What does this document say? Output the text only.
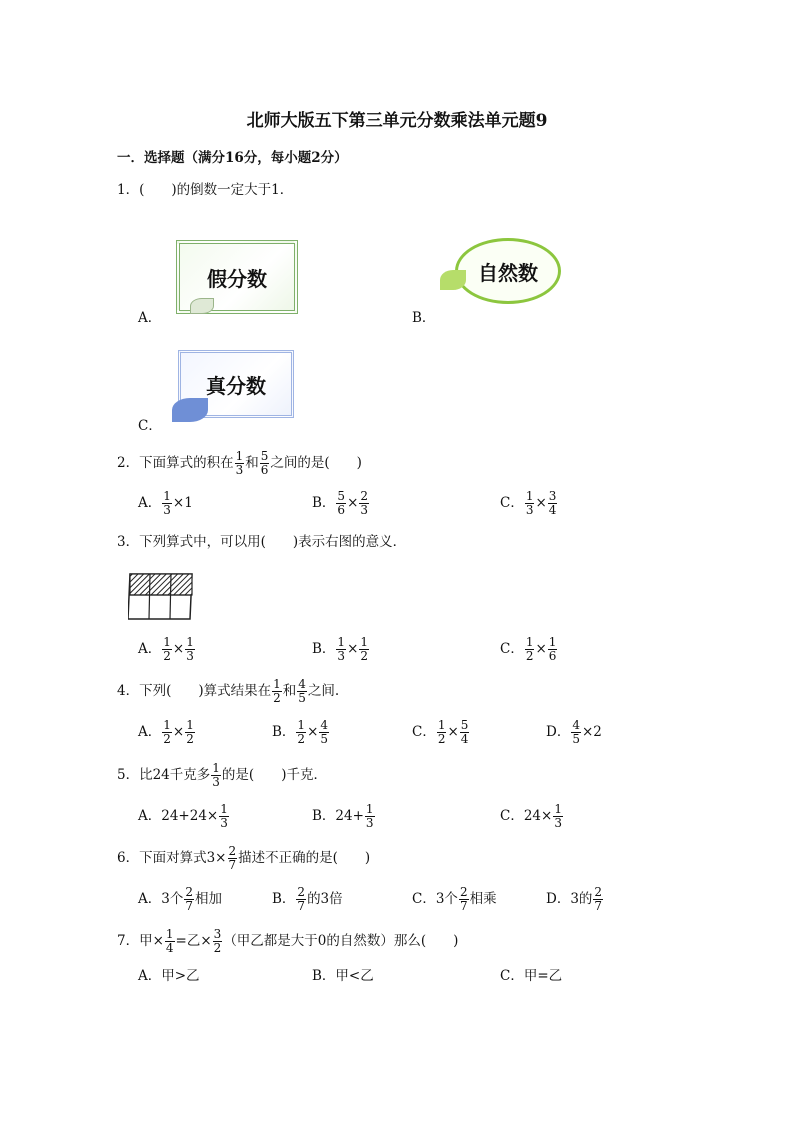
北师大版五下第三单元分数乘法单元题9
一．选择题（满分16分，每小题2分）
1．(　　)的倒数一定大于1．
假分数	自然数
真分数
A．	B．
C．
2．下面算式的积在 $\frac{1}{3}$ 和 $\frac{5}{6}$ 之间的是(　　)
A． $\frac{1}{3} \times 1$	B． $\frac{5}{6} \times \frac{2}{3}$	C． $\frac{1}{3} \times \frac{3}{4}$
3．下列算式中，可以用(　　)表示右图的意义．
A． $\frac{1}{2} \times \frac{1}{3}$	B． $\frac{1}{3} \times \frac{1}{2}$	C． $\frac{1}{2} \times \frac{1}{6}$
4．下列(　　)算式结果在 $\frac{1}{2}$ 和 $\frac{4}{5}$ 之间.
A． $\frac{1}{2} \times \frac{1}{2}$	B． $\frac{1}{2} \times \frac{4}{5}$	C． $\frac{1}{2} \times \frac{5}{4}$	D． $\frac{4}{5} \times 2$
5．比24千克多 $\frac{1}{3}$ 的是(　　)千克．
A．$24+24\times \frac{1}{3}$	B．$24+ \frac{1}{3}$	C．$24\times \frac{1}{3}$
6．下面对算式$3\times \frac{2}{7}$ 描述不正确的是(　　)
A．3个 $\frac{2}{7}$ 相加	B． $\frac{2}{7}$ 的3倍	C．3个 $\frac{2}{7}$ 相乘	D．3的 $\frac{2}{7}$
7．甲× $\frac{1}{4}$ =乙× $\frac{3}{2}$ （甲乙都是大于0的自然数）那么(　　)
A．甲>乙	B．甲<乙	C．甲=乙
